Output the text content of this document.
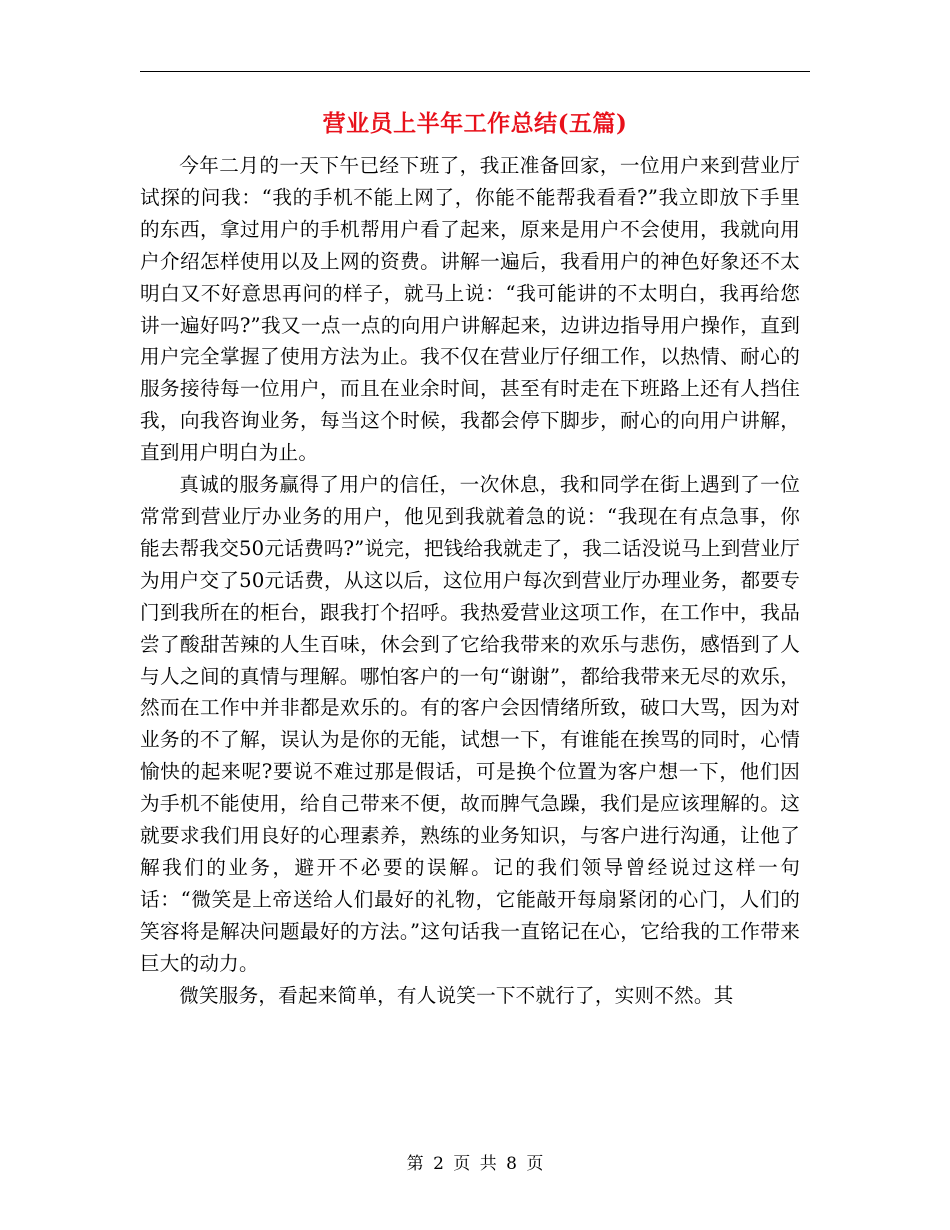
营业员上半年工作总结(五篇)

今年二月的一天下午已经下班了，我正准备回家，一位用户来到营业厅试探的问我：“我的手机不能上网了，你能不能帮我看看?”我立即放下手里的东西，拿过用户的手机帮用户看了起来，原来是用户不会使用，我就向用户介绍怎样使用以及上网的资费。讲解一遍后，我看用户的神色好象还不太明白又不好意思再问的样子，就马上说：“我可能讲的不太明白，我再给您讲一遍好吗?”我又一点一点的向用户讲解起来，边讲边指导用户操作，直到用户完全掌握了使用方法为止。我不仅在营业厅仔细工作，以热情、耐心的服务接待每一位用户，而且在业余时间，甚至有时走在下班路上还有人挡住我，向我咨询业务，每当这个时候，我都会停下脚步，耐心的向用户讲解，直到用户明白为止。

真诚的服务赢得了用户的信任，一次休息，我和同学在街上遇到了一位常常到营业厅办业务的用户，他见到我就着急的说：“我现在有点急事，你能去帮我交50元话费吗?”说完，把钱给我就走了，我二话没说马上到营业厅为用户交了50元话费，从这以后，这位用户每次到营业厅办理业务，都要专门到我所在的柜台，跟我打个招呼。我热爱营业这项工作，在工作中，我品尝了酸甜苦辣的人生百味，休会到了它给我带来的欢乐与悲伤，感悟到了人与人之间的真情与理解。哪怕客户的一句“谢谢”，都给我带来无尽的欢乐，然而在工作中并非都是欢乐的。有的客户会因情绪所致，破口大骂，因为对业务的不了解，误认为是你的无能，试想一下，有谁能在挨骂的同时，心情愉快的起来呢?要说不难过那是假话，可是换个位置为客户想一下，他们因为手机不能使用，给自己带来不便，故而脾气急躁，我们是应该理解的。这就要求我们用良好的心理素养，熟练的业务知识，与客户进行沟通，让他了解我们的业务，避开不必要的误解。记的我们领导曾经说过这样一句话：“微笑是上帝送给人们最好的礼物，它能敲开每扇紧闭的心门，人们的笑容将是解决问题最好的方法。”这句话我一直铭记在心，它给我的工作带来巨大的动力。

微笑服务，看起来简单，有人说笑一下不就行了，实则不然。其

第 2 页 共 8 页
